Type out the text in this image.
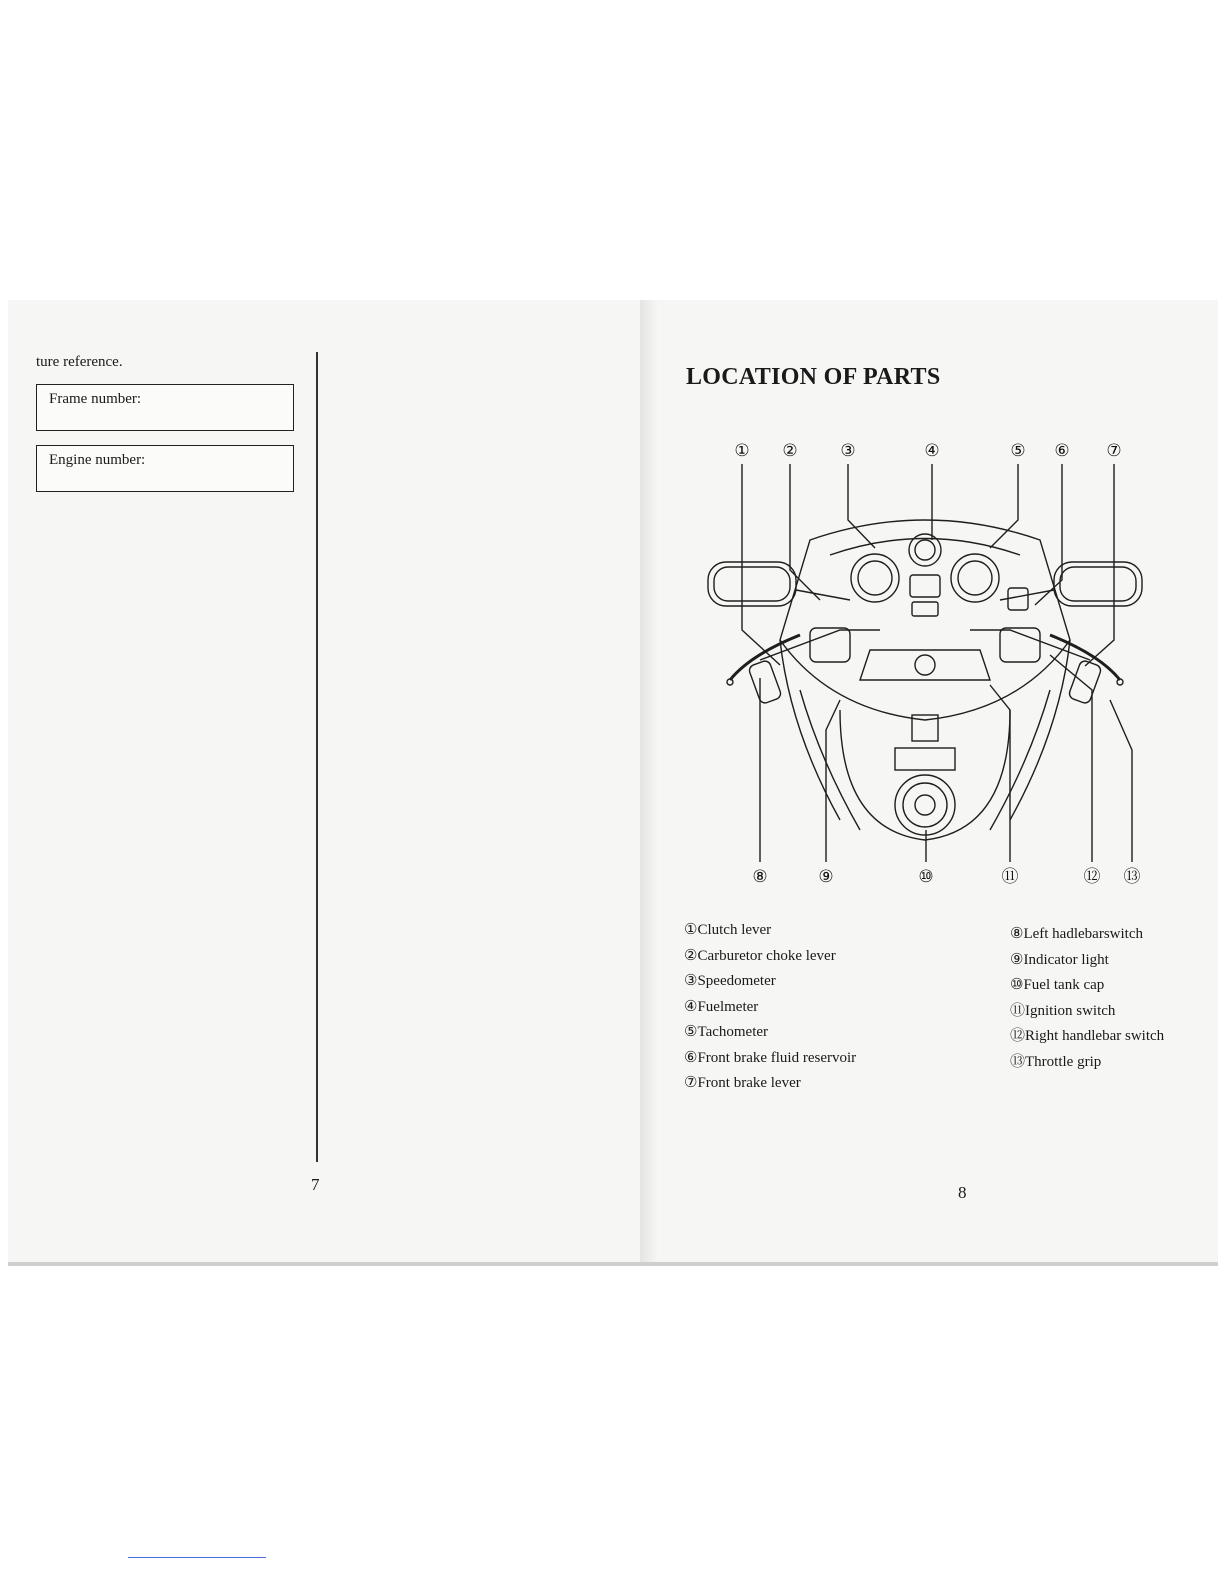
ture reference.
Frame number:
Engine number:
7
LOCATION OF PARTS
① ②	③	④	⑤ ⑥ ⑦
⑧	⑨	⑩	⑪	⑫ ⑬
①Clutch lever
②Carburetor choke lever
③Speedometer
④Fuelmeter
⑤Tachometer
⑥Front brake fluid reservoir
⑦Front brake lever
⑧Left hadlebarswitch
⑨Indicator light
⑩Fuel tank cap
⑪Ignition switch
⑫Right handlebar switch
⑬Throttle grip
8
